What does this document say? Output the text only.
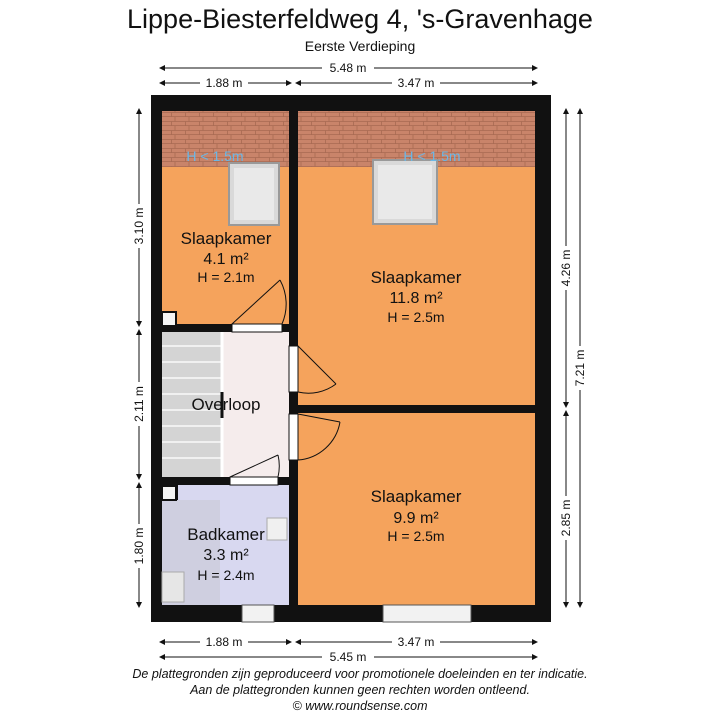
Lippe-Biesterfeldweg 4, 's-Gravenhage
Eerste Verdieping
H < 1.5m	H < 1.5m
Slaapkamer
4.1 m²
H = 2.1m	Slaapkamer
11.8 m²
H = 2.5m
Overloop
Slaapkamer
9.9 m²
H = 2.5m
Badkamer
3.3 m²
H = 2.4m
5.48 m
1.88 m	3.47 m
1.88 m	3.47 m
5.45 m
3.10 m
2.11 m
1.80 m
4.26 m
2.85 m
7.21 m
De plattegronden zijn geproduceerd voor promotionele doeleinden en ter indicatie.
Aan de plattegronden kunnen geen rechten worden ontleend.
© www.roundsense.com
